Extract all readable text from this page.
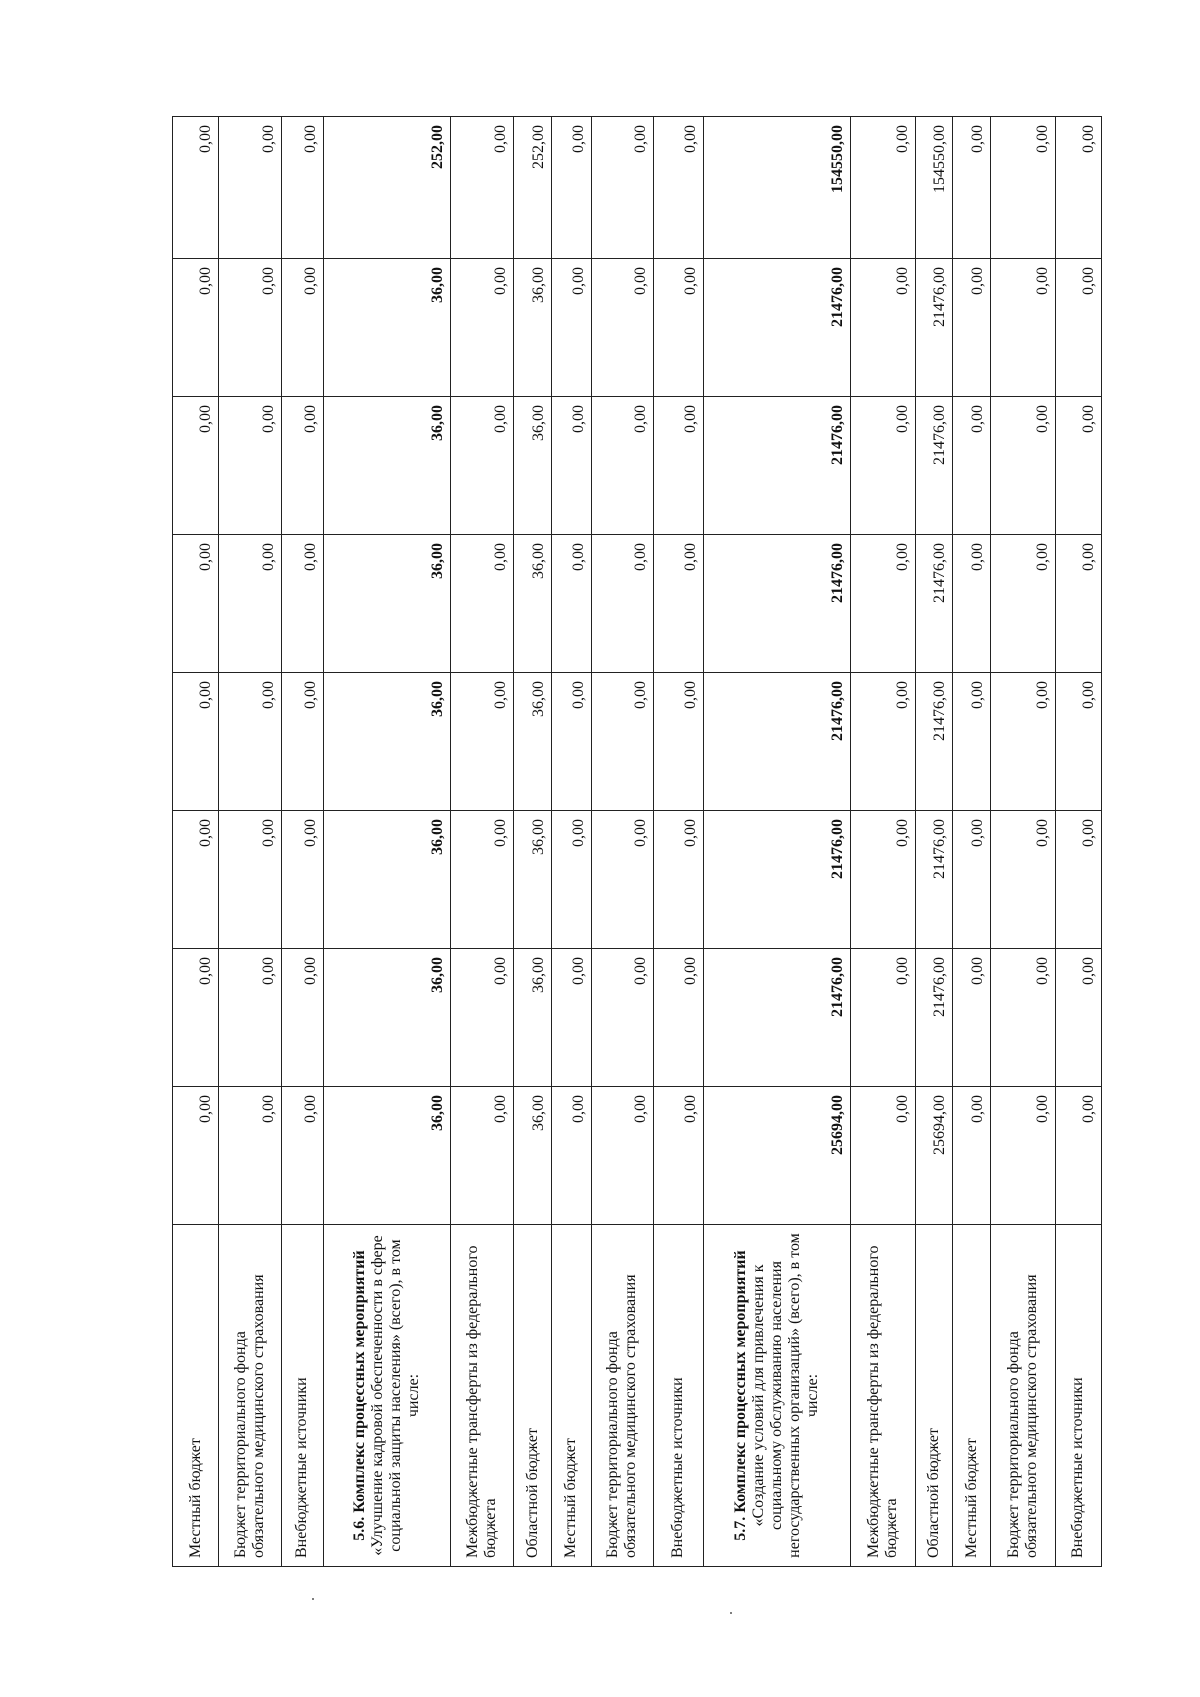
Местный бюджет	0,00	0,00	0,00	0,00	0,00	0,00	0,00	0,00
Бюджет территориального фонда обязательного медицинского страхования	0,00	0,00	0,00	0,00	0,00	0,00	0,00	0,00
Внебюджетные источники	0,00	0,00	0,00	0,00	0,00	0,00	0,00	0,00
5.6. Комплекс процессных мероприятий
«Улучшение кадровой обеспеченности в сфере социальной защиты населения» (всего), в том числе:	36,00	36,00	36,00	36,00	36,00	36,00	36,00	252,00
Межбюджетные трансферты из федерального бюджета	0,00	0,00	0,00	0,00	0,00	0,00	0,00	0,00
Областной бюджет	36,00	36,00	36,00	36,00	36,00	36,00	36,00	252,00
Местный бюджет	0,00	0,00	0,00	0,00	0,00	0,00	0,00	0,00
Бюджет территориального фонда обязательного медицинского страхования	0,00	0,00	0,00	0,00	0,00	0,00	0,00	0,00
Внебюджетные источники	0,00	0,00	0,00	0,00	0,00	0,00	0,00	0,00
5.7. Комплекс процессных мероприятий
«Создание условий для привлечения к социальному обслуживанию населения негосударственных организаций» (всего), в том числе:	25694,00	21476,00	21476,00	21476,00	21476,00	21476,00	21476,00	154550,00
Межбюджетные трансферты из федерального бюджета	0,00	0,00	0,00	0,00	0,00	0,00	0,00	0,00
Областной бюджет	25694,00	21476,00	21476,00	21476,00	21476,00	21476,00	21476,00	154550,00
Местный бюджет	0,00	0,00	0,00	0,00	0,00	0,00	0,00	0,00
Бюджет территориального фонда обязательного медицинского страхования	0,00	0,00	0,00	0,00	0,00	0,00	0,00	0,00
Внебюджетные источники	0,00	0,00	0,00	0,00	0,00	0,00	0,00	0,00
